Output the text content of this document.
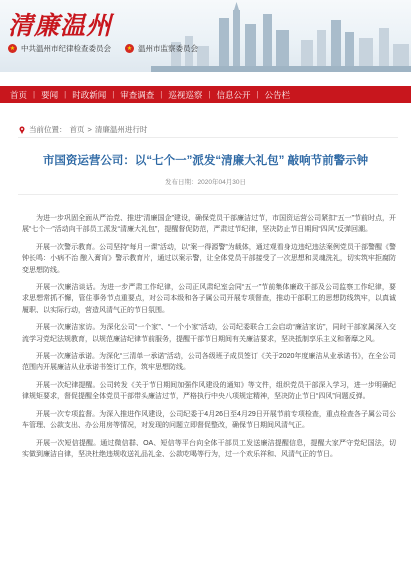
清廉温州
★ 中共温州市纪律检查委员会	★ 温州市监察委员会
首页 | 要闻 | 时政新闻 | 审查调查 | 巡视巡察 | 信息公开 | 公告栏
当前位置： 首页 > 清廉温州进行时
市国资运营公司：以“七个一”派发“清廉大礼包” 敲响节前警示钟
发布日期：2020年04月30日

为进一步巩固全面从严治党、推进“清廉国企”建设，确保党员干部廉洁过节，市国资运营公司紧扣“五一”节前时点，开展“七个一”活动向干部员工派发“清廉大礼包”，提醒督促防范，严肃过节纪律，坚决防止节日期间“四风”反弹回潮。

开展一次警示教育。公司坚持“每月一课”活动，以“案一得源警”为载体，通过观看身边违纪违法案例党员干部警醒《警钟长鸣：小病不治 酿入膏肓》警示教育片，通过以案示警，让全体党员干部接受了一次思想和灵魂洗礼，切实筑牢拒腐防变思想防线。

开展一次廉洁谈话。为进一步严肃工作纪律，公司正风肃纪室会同“五一”节前集体廉政干部及公司监察工作纪律，要求思想常抓不懈，管住事务节点重要点，对公司本级和各子属公司开展专项督查，推动干部职工的思想防线筑牢，以真诚履职、以实际行动，营造风清气正的节日氛围。

开展一次廉洁家访。为深化公司“一个家”、“一个小家”活动，公司纪委联合工会启动“廉洁家访”，同时干部家属深入交流学习党纪法规教育，以规范廉洁纪律节前服务，提醒干部节日期间有关廉洁要求，坚决抵制享乐主义和奢靡之风。

开展一次廉洁承诺。为深化“三清单一承诺”活动，公司各级班子成员签订《关于2020年度廉洁从业承诺书》，在全公司范围内开展廉洁从业承诺书签订工作，筑牢思想防线。

开展一次纪律提醒。公司转发《关于节日期间加强作风建设的通知》等文件，组织党员干部深入学习，进一步明确纪律规矩要求，督促提醒全体党员干部带头廉洁过节，严格执行中央八项规定精神，坚决防止节日“四风”问题反弹。

开展一次专项监督。为深入推进作风建设，公司纪委于4月26日至4月29日开展节前专项检查，重点检查各子属公司公车管理、公款支出、办公用房等情况，对发现的问题立即督促整改，确保节日期间风清气正。

开展一次短信提醒。通过微信群、OA、短信等平台向全体干部员工发送廉洁提醒信息，提醒大家严守党纪国法，切实做到廉洁自律，坚决杜绝违规收送礼品礼金、公款吃喝等行为，过一个欢乐祥和、风清气正的节日。
